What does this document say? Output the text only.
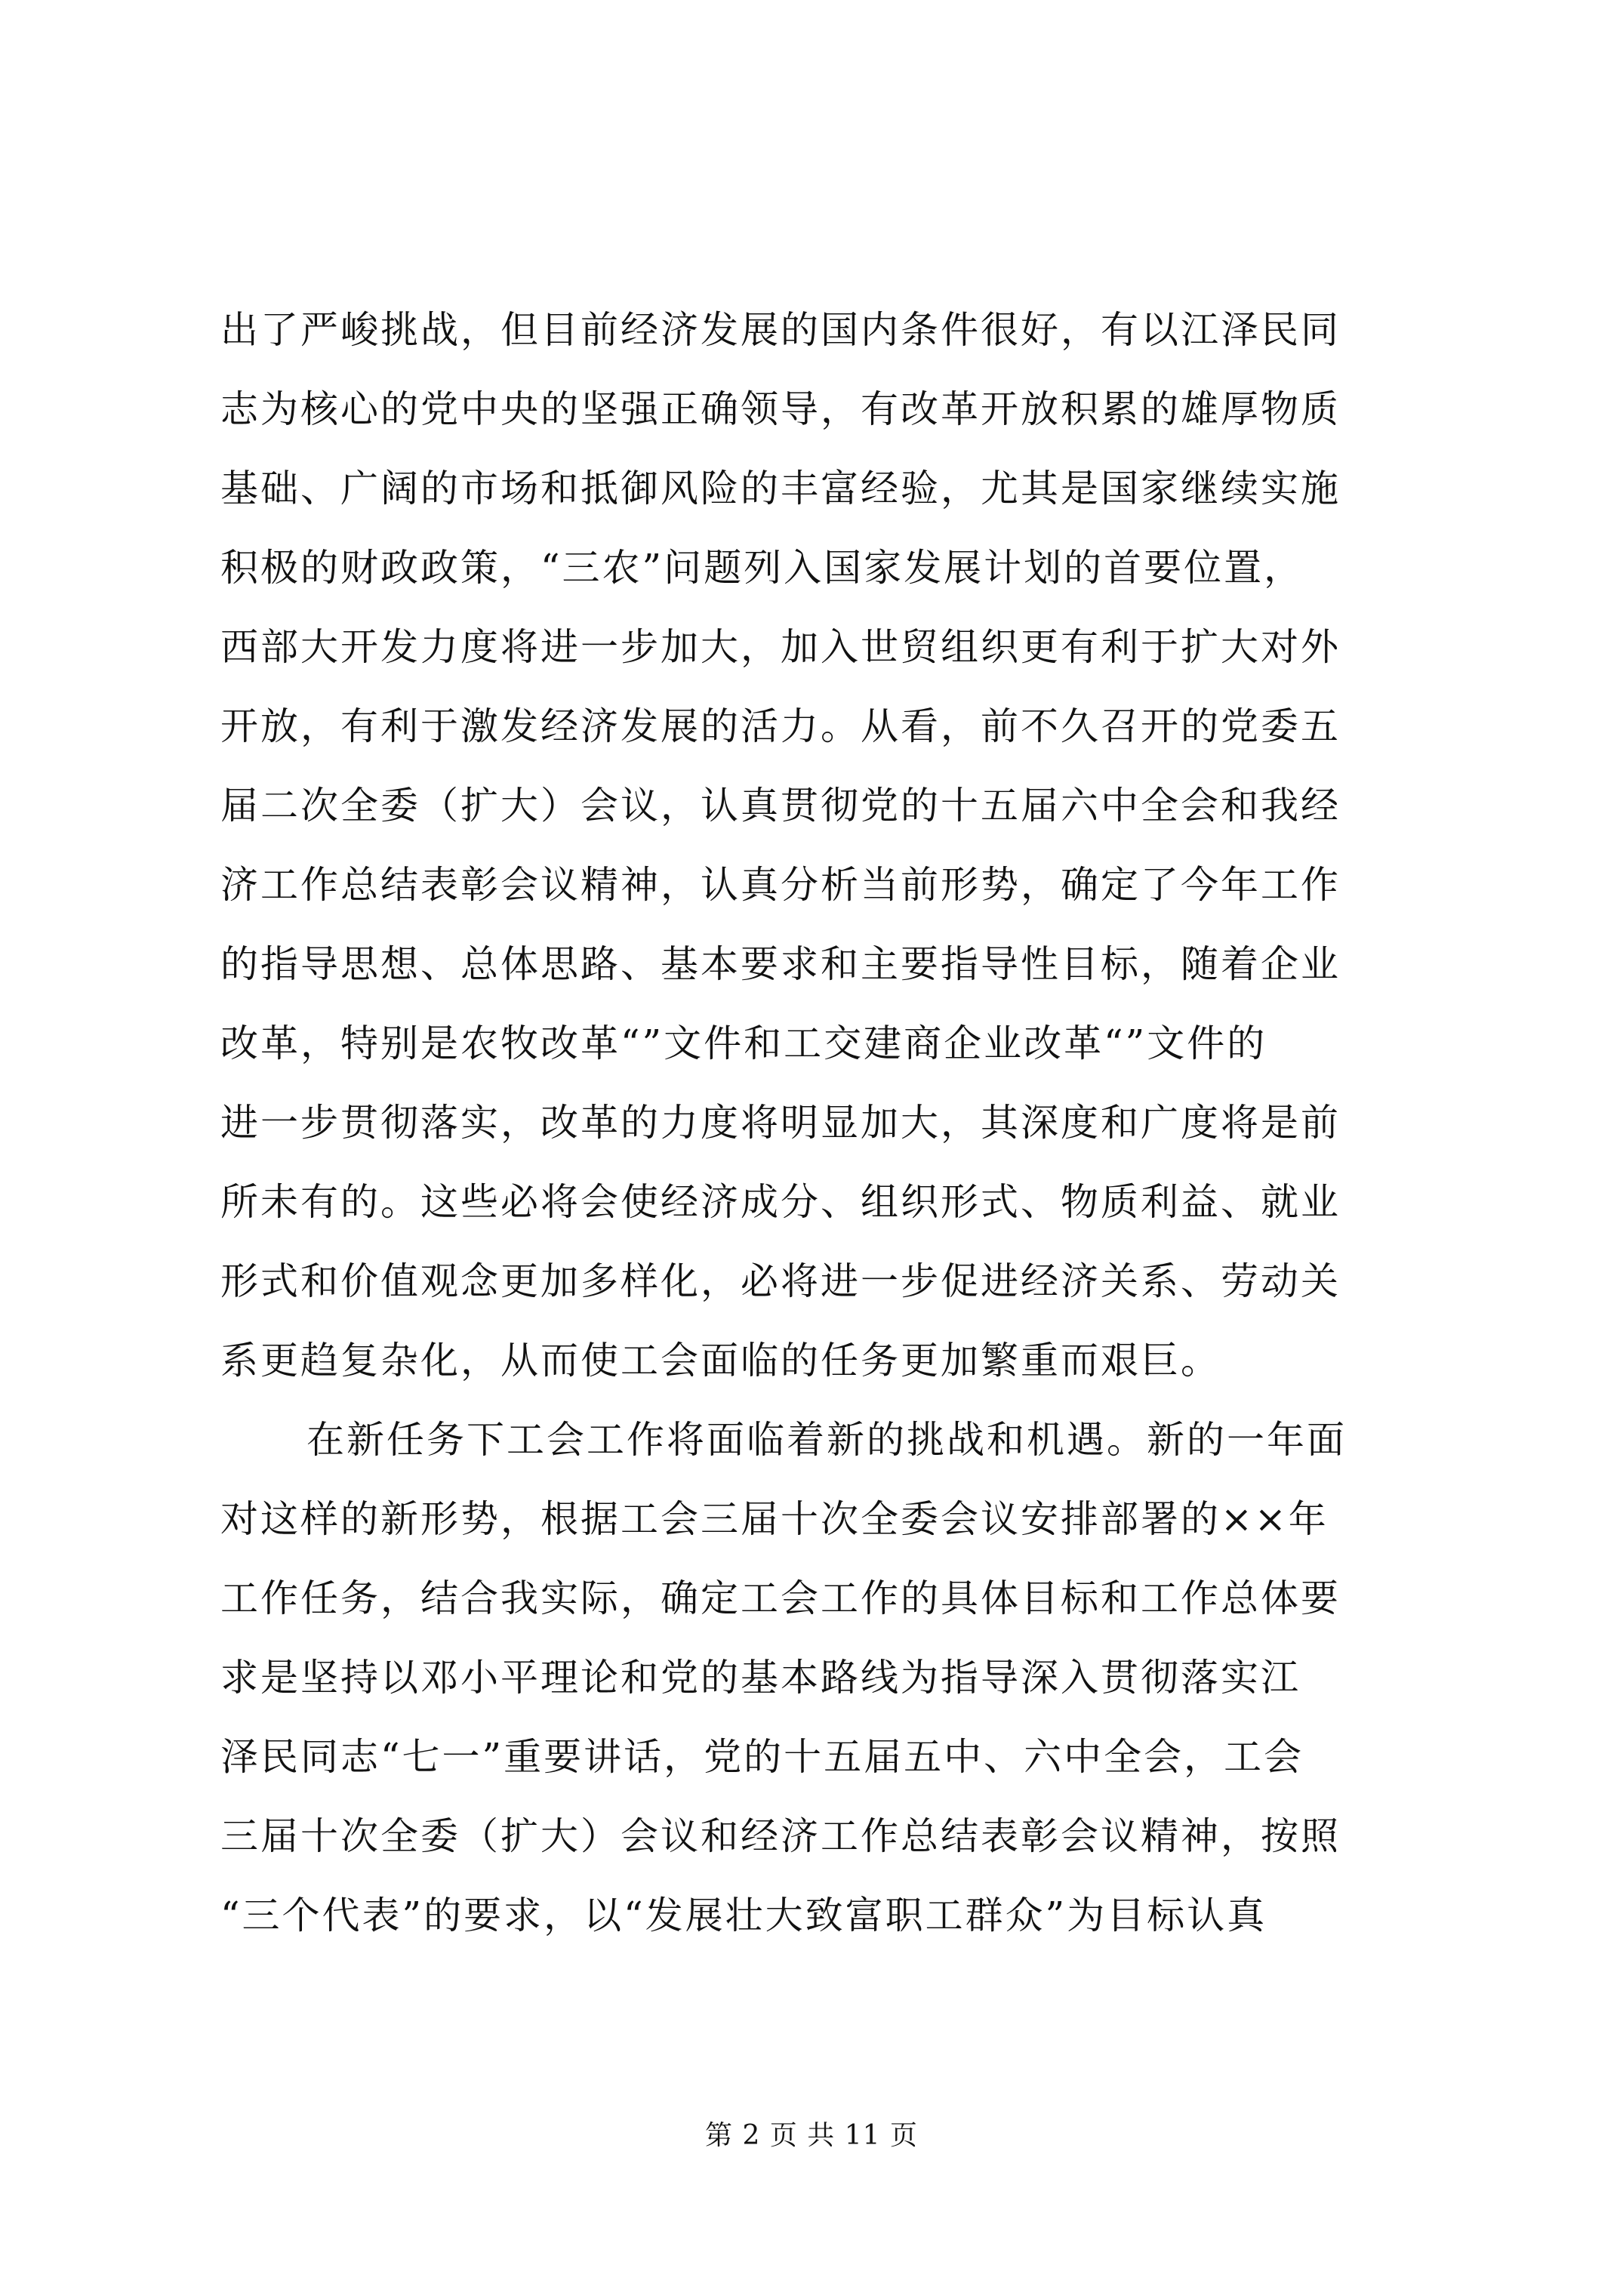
出了严峻挑战，但目前经济发展的国内条件很好，有以江泽民同
志为核心的党中央的坚强正确领导，有改革开放积累的雄厚物质
基础、广阔的市场和抵御风险的丰富经验，尤其是国家继续实施
积极的财政政策，“三农”问题列入国家发展计划的首要位置，
西部大开发力度将进一步加大，加入世贸组织更有利于扩大对外
开放，有利于激发经济发展的活力。从看，前不久召开的党委五
届二次全委（扩大）会议，认真贯彻党的十五届六中全会和我经
济工作总结表彰会议精神，认真分析当前形势，确定了今年工作
的指导思想、总体思路、基本要求和主要指导性目标，随着企业
改革，特别是农牧改革“”文件和工交建商企业改革“”文件的
进一步贯彻落实，改革的力度将明显加大，其深度和广度将是前
所未有的。这些必将会使经济成分、组织形式、物质利益、就业
形式和价值观念更加多样化，必将进一步促进经济关系、劳动关
系更趋复杂化，从而使工会面临的任务更加繁重而艰巨。
在新任务下工会工作将面临着新的挑战和机遇。新的一年面
对这样的新形势，根据工会三届十次全委会议安排部署的××年
工作任务，结合我实际，确定工会工作的具体目标和工作总体要
求是坚持以邓小平理论和党的基本路线为指导深入贯彻落实江
泽民同志“七一”重要讲话，党的十五届五中、六中全会，工会
三届十次全委（扩大）会议和经济工作总结表彰会议精神，按照
“三个代表”的要求，以“发展壮大致富职工群众”为目标认真
第 2 页 共 11 页
